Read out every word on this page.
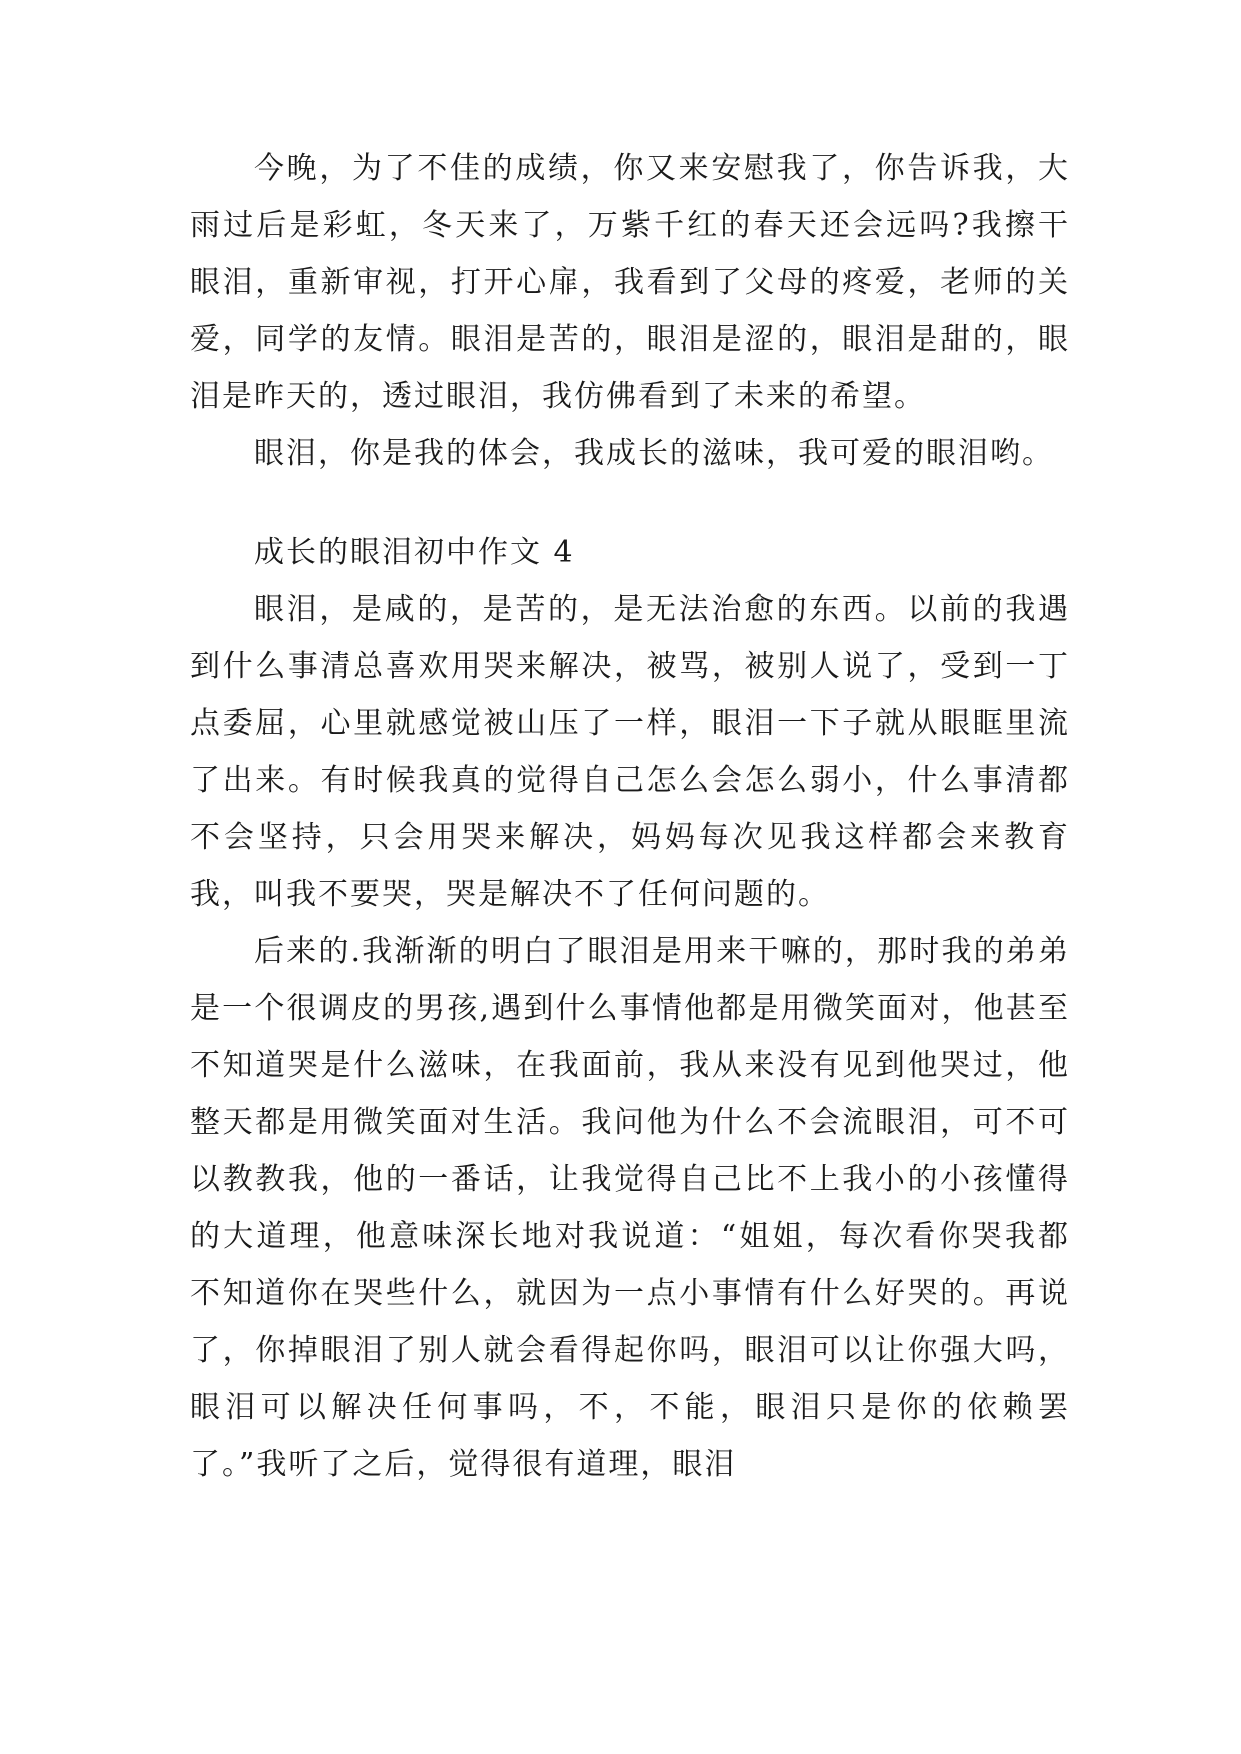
今晚，为了不佳的成绩，你又来安慰我了，你告诉我，大雨过后是彩虹，冬天来了，万紫千红的春天还会远吗?我擦干眼泪，重新审视，打开心扉，我看到了父母的疼爱，老师的关爱，同学的友情。眼泪是苦的，眼泪是涩的，眼泪是甜的，眼泪是昨天的，透过眼泪，我仿佛看到了未来的希望。

眼泪，你是我的体会，我成长的滋味，我可爱的眼泪哟。

成长的眼泪初中作文 4

眼泪，是咸的，是苦的，是无法治愈的东西。以前的我遇到什么事清总喜欢用哭来解决，被骂，被别人说了，受到一丁点委屈，心里就感觉被山压了一样，眼泪一下子就从眼眶里流了出来。有时候我真的觉得自己怎么会怎么弱小，什么事清都不会坚持，只会用哭来解决，妈妈每次见我这样都会来教育我，叫我不要哭，哭是解决不了任何问题的。

后来的.我渐渐的明白了眼泪是用来干嘛的，那时我的弟弟是一个很调皮的男孩,遇到什么事情他都是用微笑面对，他甚至不知道哭是什么滋味，在我面前，我从来没有见到他哭过，他整天都是用微笑面对生活。我问他为什么不会流眼泪，可不可以教教我，他的一番话，让我觉得自己比不上我小的小孩懂得的大道理，他意味深长地对我说道：“姐姐，每次看你哭我都不知道你在哭些什么，就因为一点小事情有什么好哭的。再说了，你掉眼泪了别人就会看得起你吗，眼泪可以让你强大吗，眼泪可以解决任何事吗，不，不能，眼泪只是你的依赖罢了。”我听了之后，觉得很有道理，眼泪
